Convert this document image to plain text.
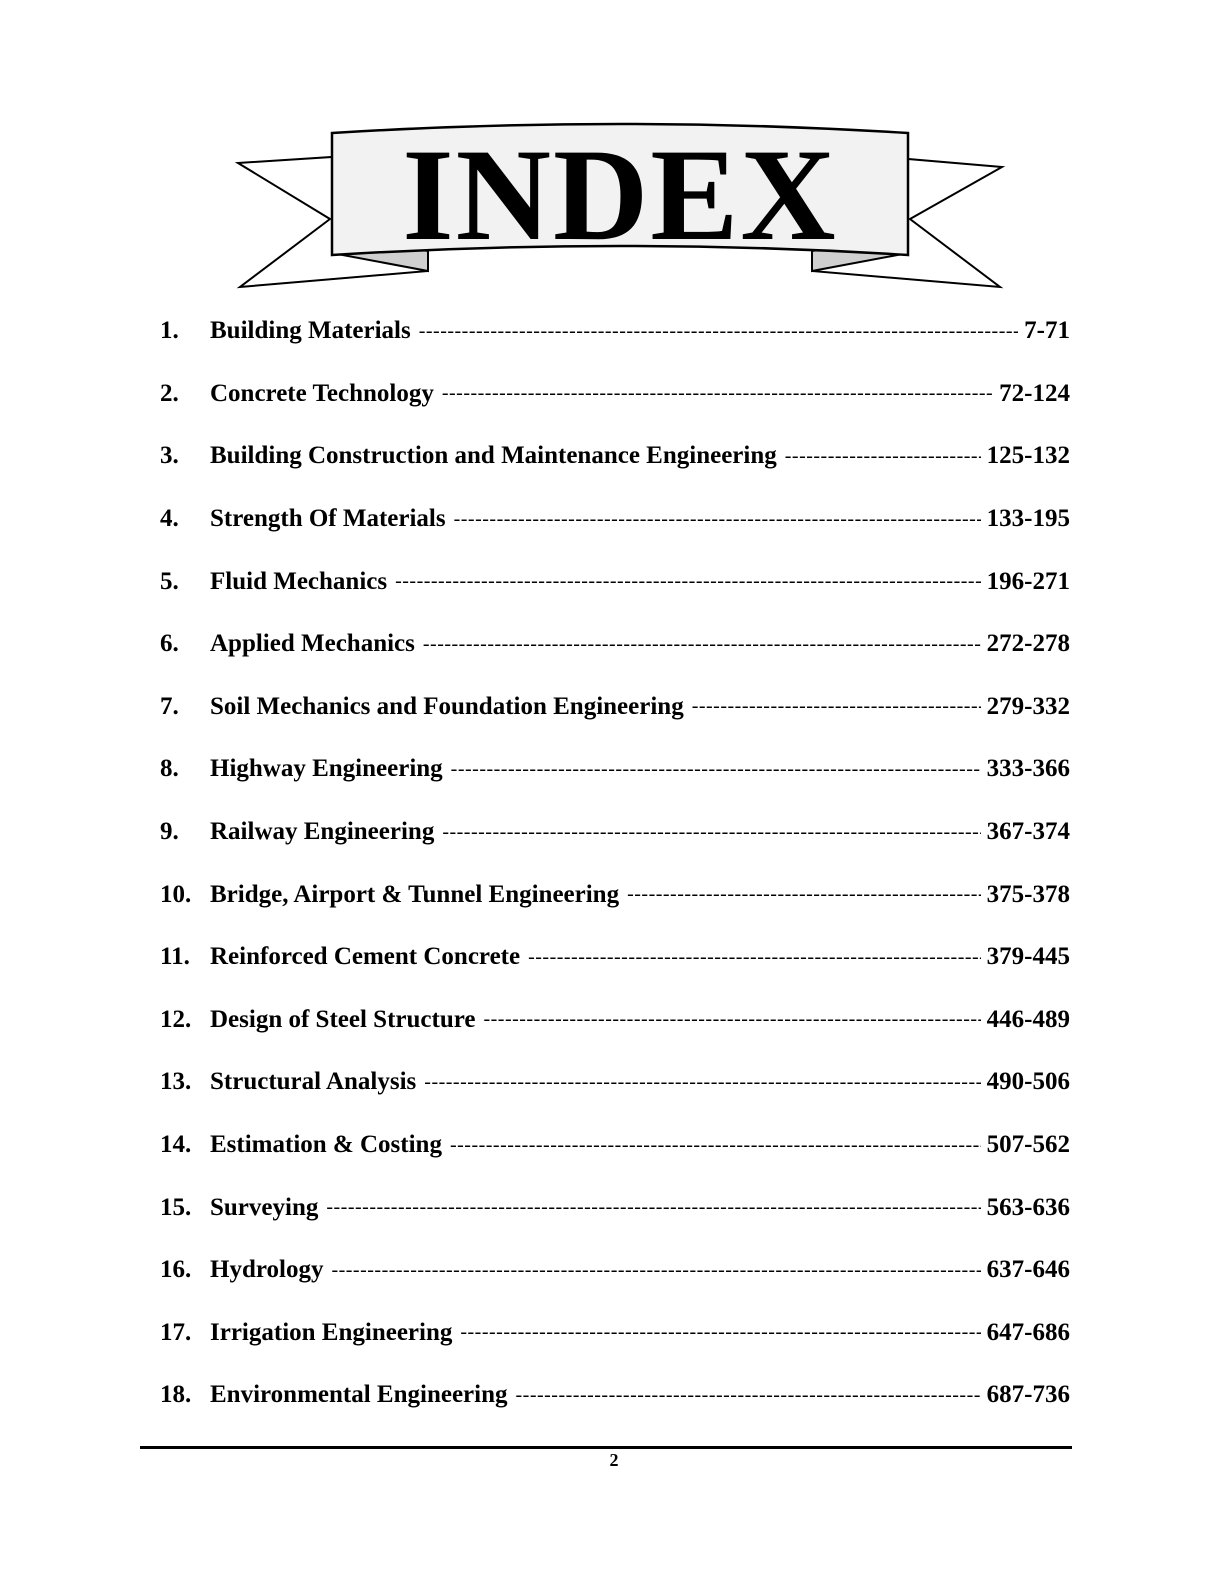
INDEX
1.	Building Materials -----	7-71
2.	Concrete Technology -----	72-124
3.	Building Construction and Maintenance Engineering -----	125-132
4.	Strength Of Materials -----	133-195
5.	Fluid Mechanics -----	196-271
6.	Applied Mechanics -----	272-278
7.	Soil Mechanics and Foundation Engineering -----	279-332
8.	Highway Engineering -----	333-366
9.	Railway Engineering -----	367-374
10. Bridge, Airport & Tunnel Engineering -----	375-378
11. Reinforced Cement Concrete -----	379-445
12. Design of Steel Structure -----	446-489
13. Structural Analysis -----	490-506
14. Estimation & Costing -----	507-562
15. Surveying -----	563-636
16. Hydrology -----	637-646
17. Irrigation Engineering -----	647-686
18. Environmental Engineering -----	687-736
2
